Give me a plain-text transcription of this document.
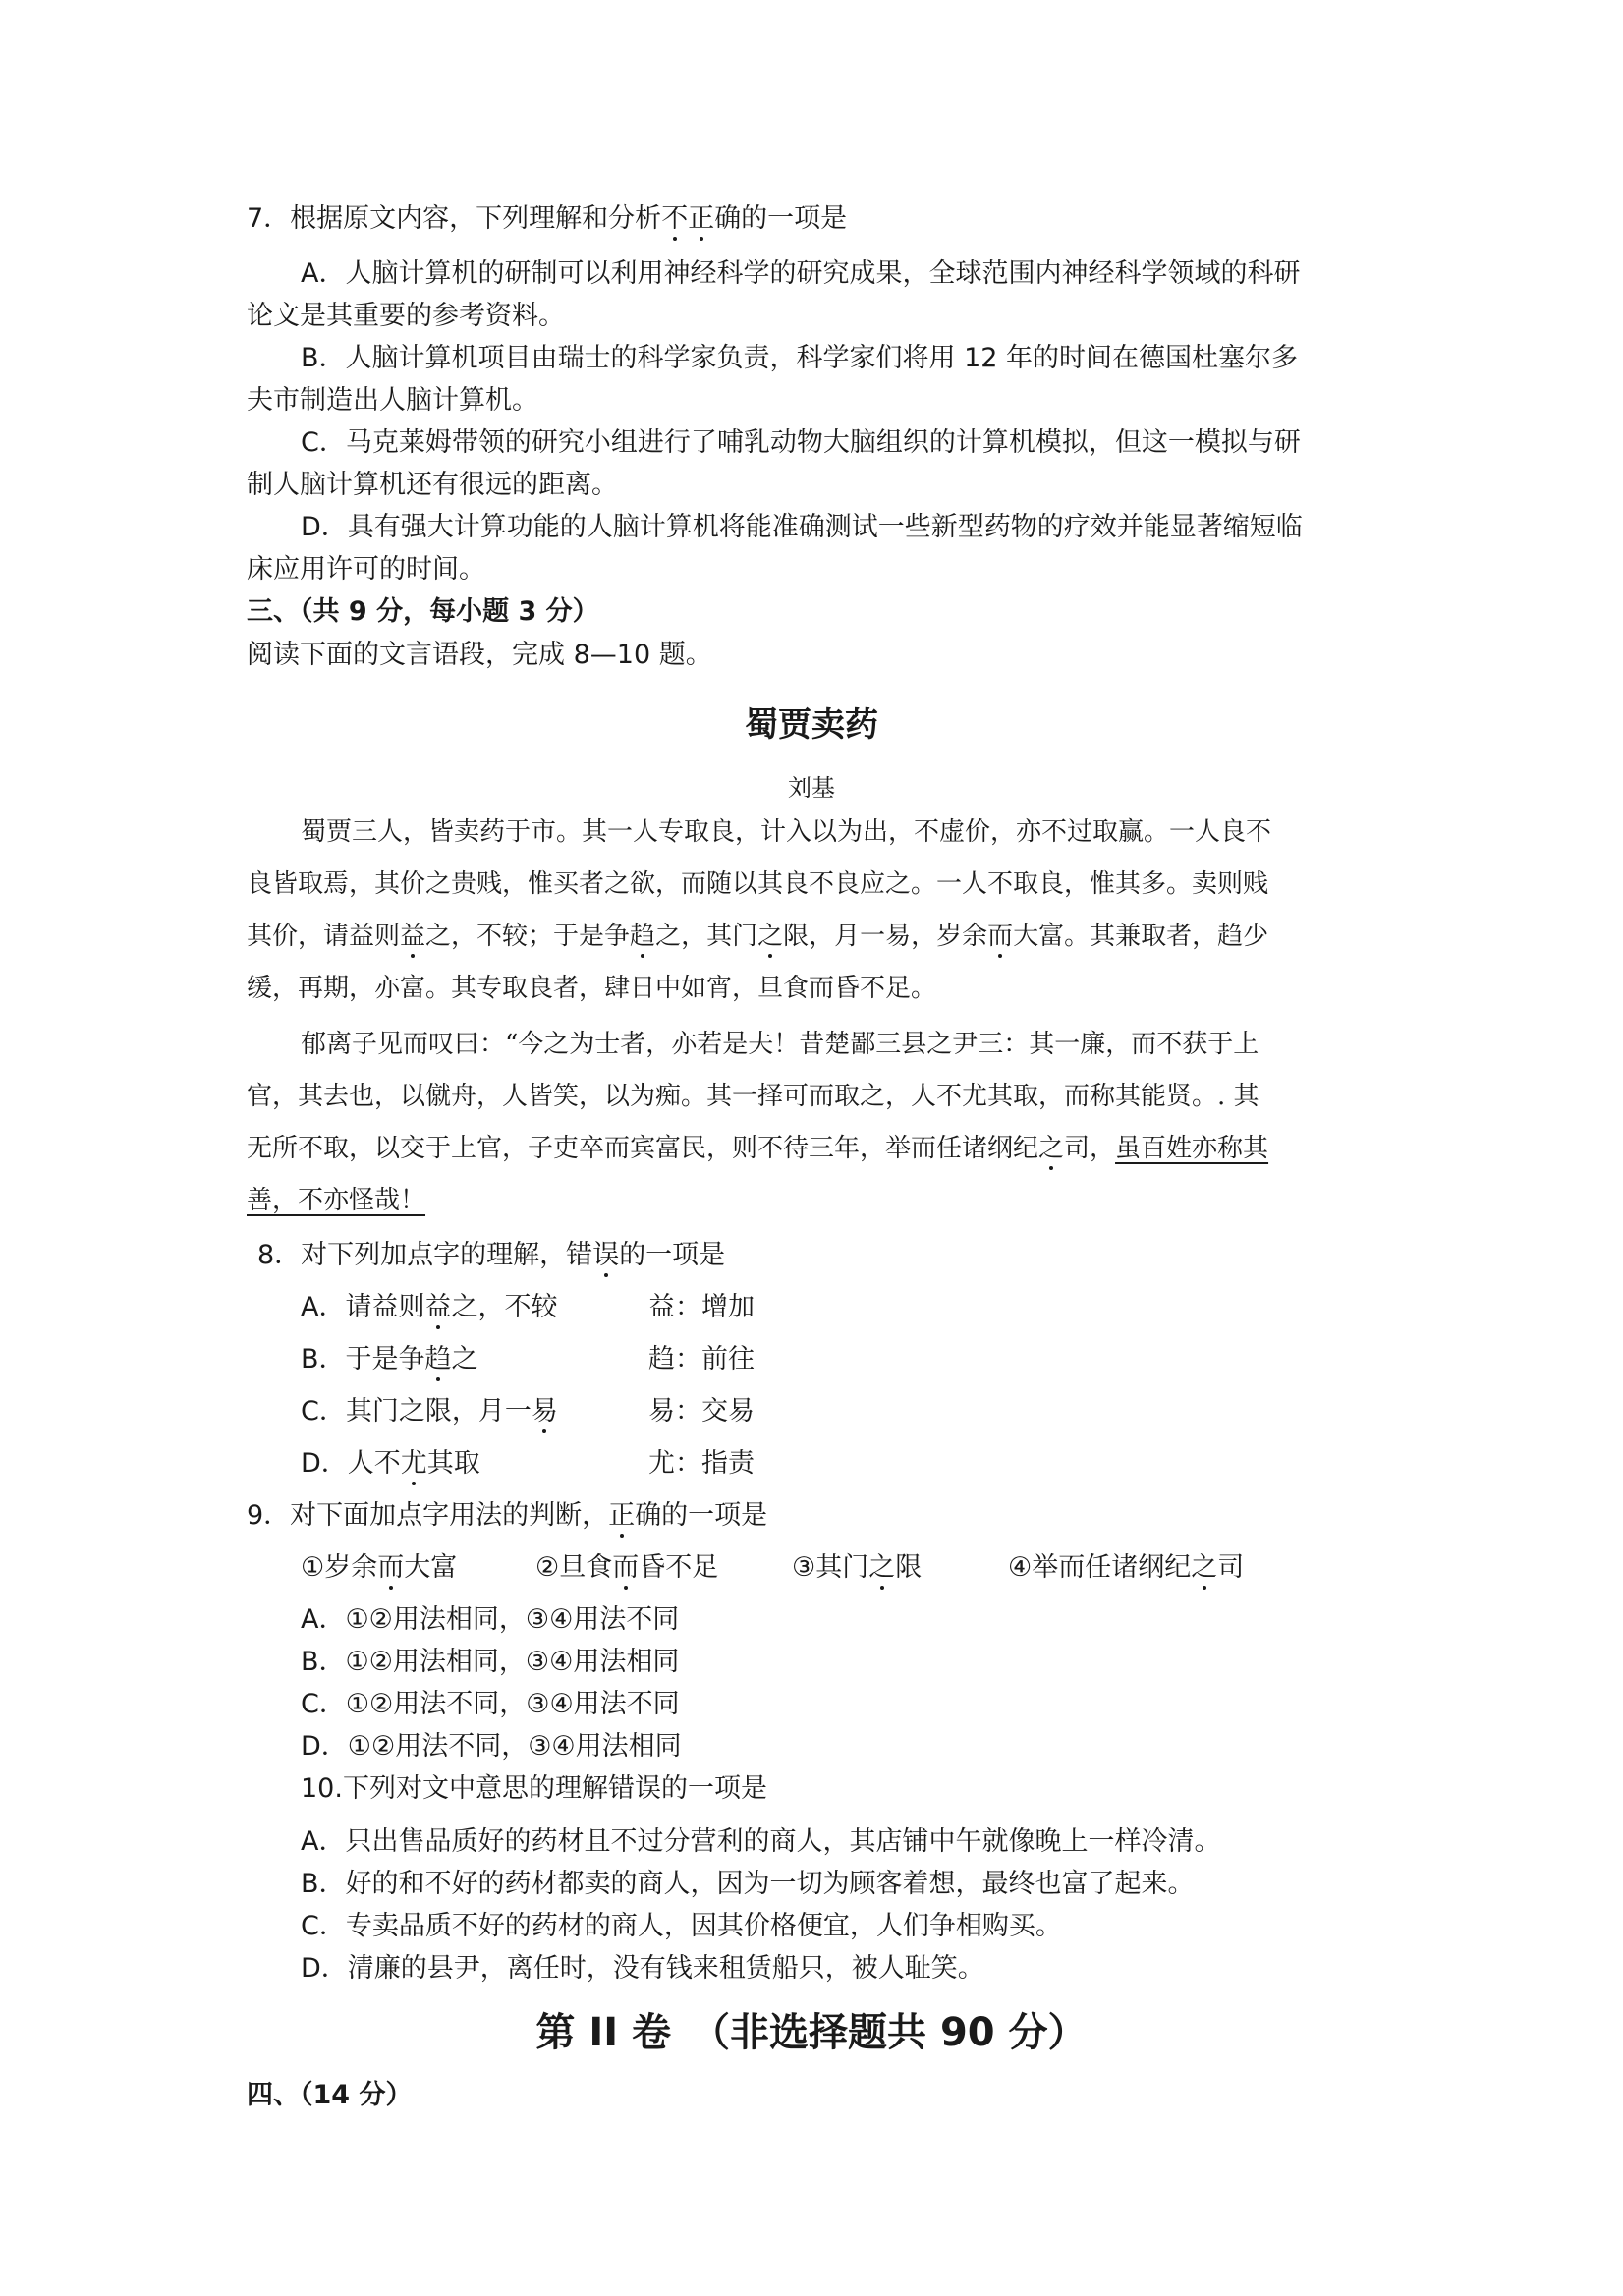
7．根据原文内容，下列理解和分析不正确的一项是
A．人脑计算机的研制可以利用神经科学的研究成果，全球范围内神经科学领域的科研
论文是其重要的参考资料。
B．人脑计算机项目由瑞士的科学家负责，科学家们将用 12 年的时间在德国杜塞尔多
夫市制造出人脑计算机。
C．马克莱姆带领的研究小组进行了哺乳动物大脑组织的计算机模拟，但这一模拟与研
制人脑计算机还有很远的距离。
D．具有强大计算功能的人脑计算机将能准确测试一些新型药物的疗效并能显著缩短临
床应用许可的时间。
三、（共 9 分，每小题 3 分）
阅读下面的文言语段，完成 8—10 题。
蜀贾卖药
刘基
蜀贾三人，皆卖药于市。其一人专取良，计入以为出，不虚价，亦不过取赢。一人良不
良皆取焉，其价之贵贱，惟买者之欲，而随以其良不良应之。一人不取良，惟其多。卖则贱
其价，请益则益之，不较；于是争趋之，其门之限，月一易，岁余而大富。其兼取者，趋少
缓，再期，亦富。其专取良者，肆日中如宵，旦食而昏不足。
郁离子见而叹曰：“今之为士者，亦若是夫！昔楚鄙三县之尹三：其一廉，而不获于上
官，其去也，以僦舟，人皆笑，以为痴。其一择可而取之，人不尤其取，而称其能贤。. 其
无所不取，以交于上官，子吏卒而宾富民，则不待三年，举而任诸纲纪之司，虽百姓亦称其
善，不亦怪哉！
8．对下列加点字的理解，错误的一项是
A．请益则益之，不较	益：增加
B．于是争趋之	趋：前往
C．其门之限，月一易	易：交易
D．人不尤其取	尤：指责
9．对下面加点字用法的判断，正确的一项是
①岁余而大富	②旦食而昏不足	③其门之限	④举而任诸纲纪之司
A．①②用法相同，③④用法不同
B．①②用法相同，③④用法相同
C．①②用法不同，③④用法不同
D．①②用法不同，③④用法相同
10.下列对文中意思的理解错误的一项是
A．只出售品质好的药材且不过分营利的商人，其店铺中午就像晚上一样冷清。
B．好的和不好的药材都卖的商人，因为一切为顾客着想，最终也富了起来。
C．专卖品质不好的药材的商人，因其价格便宜，人们争相购买。
D．清廉的县尹，离任时，没有钱来租赁船只，被人耻笑。
第 II 卷　（非选择题共 90 分）
四、（14 分）
